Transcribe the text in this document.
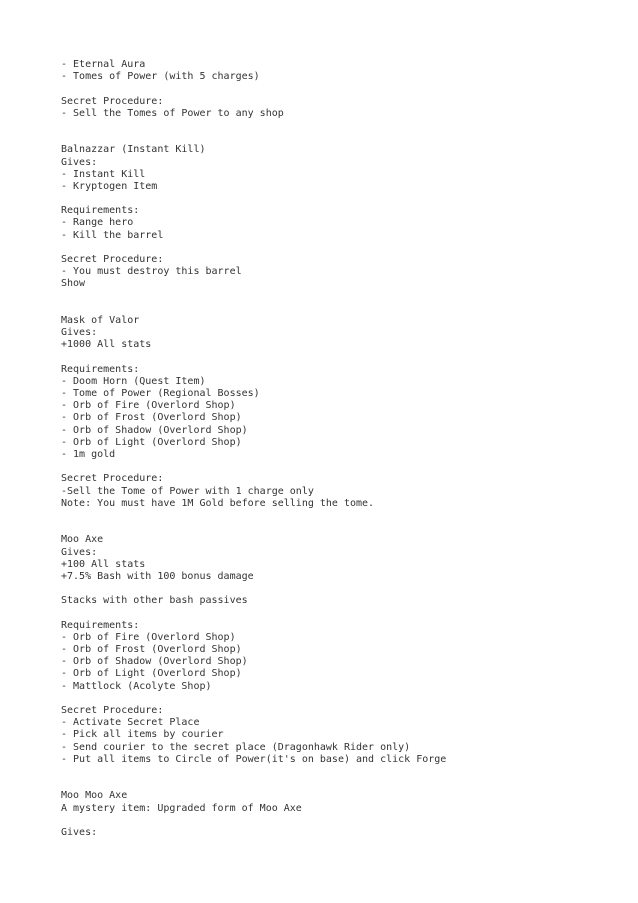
- Eternal Aura
- Tomes of Power (with 5 charges)
Secret Procedure:
- Sell the Tomes of Power to any shop
Balnazzar (Instant Kill)
Gives:
- Instant Kill
- Kryptogen Item
Requirements:
- Range hero
- Kill the barrel
Secret Procedure:
- You must destroy this barrel
Show
Mask of Valor
Gives:
+1000 All stats
Requirements:
- Doom Horn (Quest Item)
- Tome of Power (Regional Bosses)
- Orb of Fire (Overlord Shop)
- Orb of Frost (Overlord Shop)
- Orb of Shadow (Overlord Shop)
- Orb of Light (Overlord Shop)
- 1m gold
Secret Procedure:
-Sell the Tome of Power with 1 charge only
Note: You must have 1M Gold before selling the tome.
Moo Axe
Gives:
+100 All stats
+7.5% Bash with 100 bonus damage
Stacks with other bash passives
Requirements:
- Orb of Fire (Overlord Shop)
- Orb of Frost (Overlord Shop)
- Orb of Shadow (Overlord Shop)
- Orb of Light (Overlord Shop)
- Mattlock (Acolyte Shop)
Secret Procedure:
- Activate Secret Place
- Pick all items by courier
- Send courier to the secret place (Dragonhawk Rider only)
- Put all items to Circle of Power(it's on base) and click Forge
Moo Moo Axe
A mystery item: Upgraded form of Moo Axe
Gives:
